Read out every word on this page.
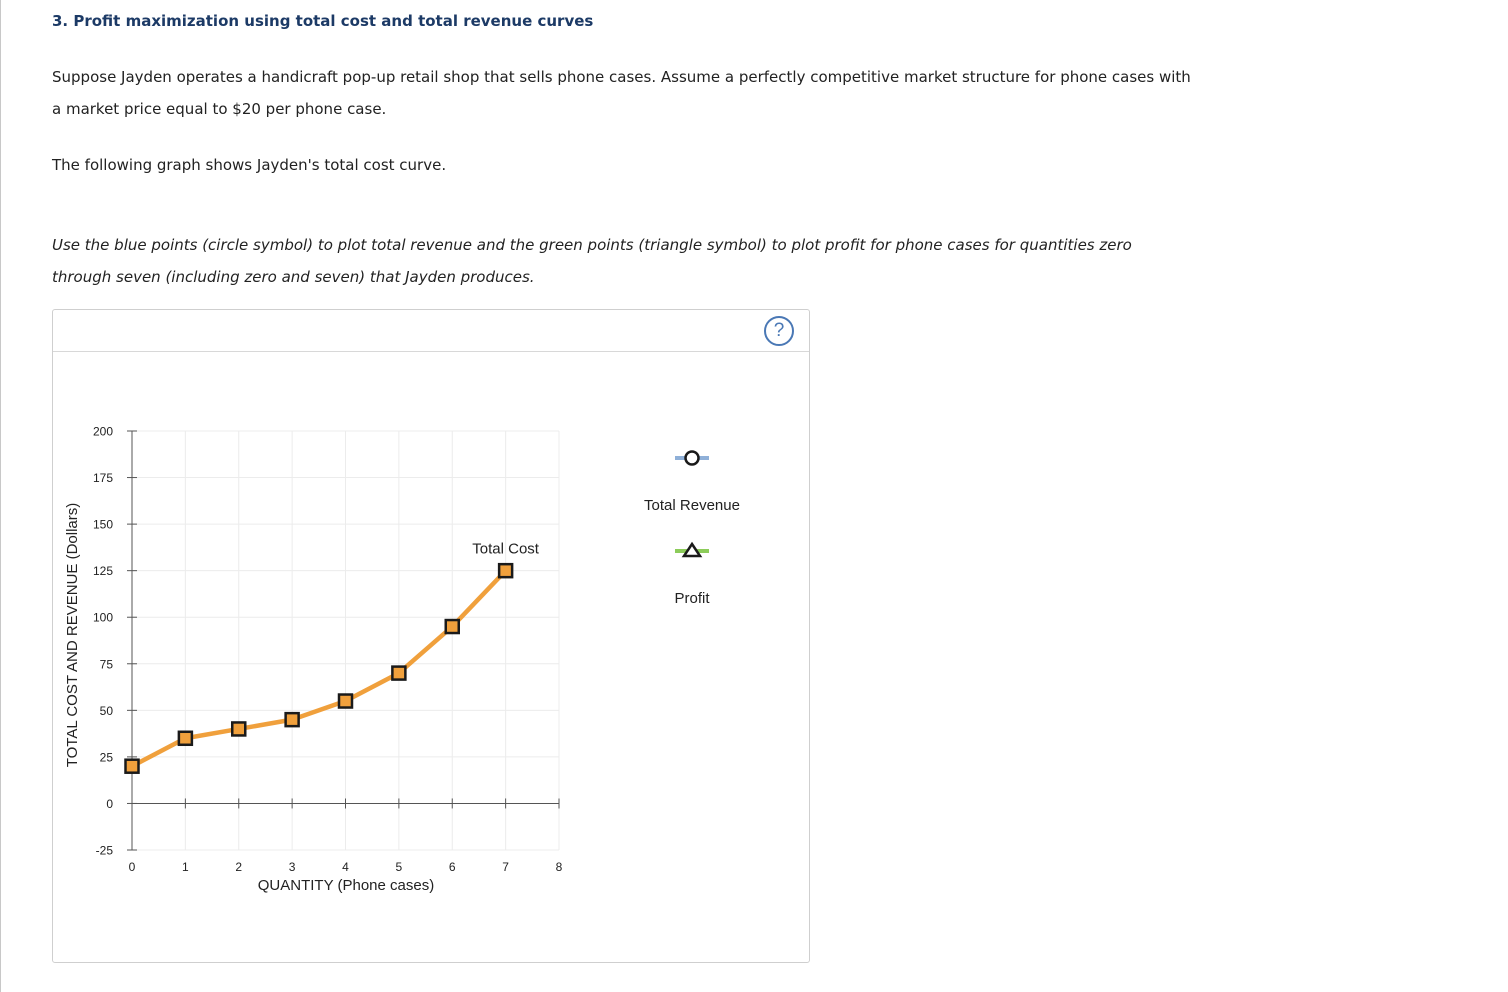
3. Profit maximization using total cost and total revenue curves

Suppose Jayden operates a handicraft pop-up retail shop that sells phone cases. Assume a perfectly competitive market structure for phone cases with

a market price equal to $20 per phone case.

The following graph shows Jayden's total cost curve.

Use the blue points (circle symbol) to plot total revenue and the green points (triangle symbol) to plot profit for phone cases for quantities zero

through seven (including zero and seven) that Jayden produces.

?
-25
0
25
50
75
100
125
150
175
200
0	1	2	3	4	5	6	7	8
Total Cost
QUANTITY (Phone cases)
TOTAL COST AND REVENUE (Dollars)	Total Revenue
Profit
